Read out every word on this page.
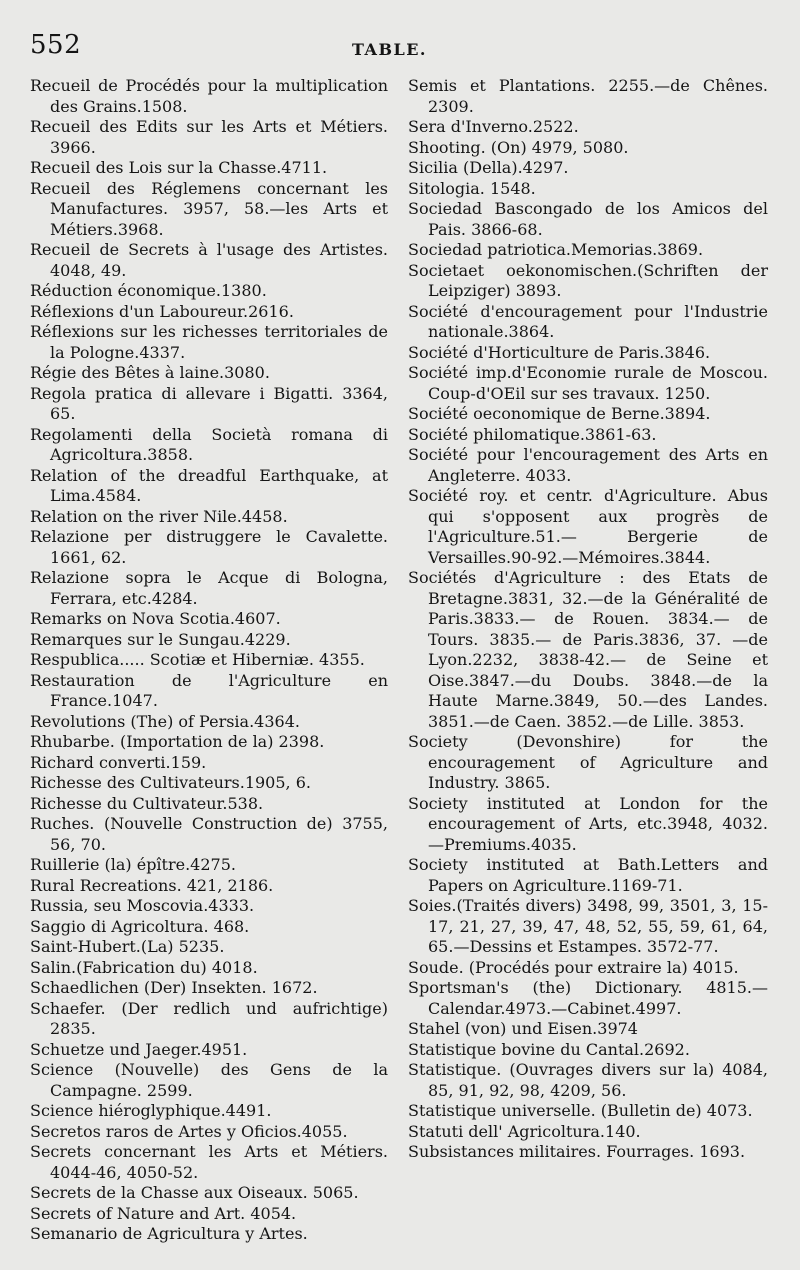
552	TABLE.

Recueil de Procédés pour la multiplication des Grains.1508.

Recueil des Edits sur les Arts et Métiers. 3966.

Recueil des Lois sur la Chasse.4711.

Recueil des Réglemens concernant les Manufactures. 3957, 58.—les Arts et Métiers.3968.

Recueil de Secrets à l'usage des Artistes. 4048, 49.

Réduction économique.1380.

Réflexions d'un Laboureur.2616.

Réflexions sur les richesses territoriales de la Pologne.4337.

Régie des Bêtes à laine.3080.

Regola pratica di allevare i Bigatti. 3364, 65.

Regolamenti della Società romana di Agricoltura.3858.

Relation of the dreadful Earthquake, at Lima.4584.

Relation on the river Nile.4458.

Relazione per distruggere le Cavalette. 1661, 62.

Relazione sopra le Acque di Bologna, Ferrara, etc.4284.

Remarks on Nova Scotia.4607.

Remarques sur le Sungau.4229.

Respublica..... Scotiæ et Hiberniæ. 4355.

Restauration de l'Agriculture en France.1047.

Revolutions (The) of Persia.4364.

Rhubarbe. (Importation de la) 2398.

Richard converti.159.

Richesse des Cultivateurs.1905, 6.

Richesse du Cultivateur.538.

Ruches. (Nouvelle Construction de) 3755, 56, 70.

Ruillerie (la) épître.4275.

Rural Recreations. 421, 2186.

Russia, seu Moscovia.4333.

Saggio di Agricoltura. 468.

Saint-Hubert.(La) 5235.

Salin.(Fabrication du) 4018.

Schaedlichen (Der) Insekten. 1672.

Schaefer. (Der redlich und aufrichtige) 2835.

Schuetze und Jaeger.4951.

Science (Nouvelle) des Gens de la Campagne. 2599.

Science hiéroglyphique.4491.

Secretos raros de Artes y Oficios.4055.

Secrets concernant les Arts et Métiers. 4044-46, 4050-52.

Secrets de la Chasse aux Oiseaux. 5065.

Secrets of Nature and Art. 4054.

Semanario de Agricultura y Artes.

Semis et Plantations. 2255.—de Chênes. 2309.

Sera d'Inverno.2522.

Shooting. (On) 4979, 5080.

Sicilia (Della).4297.

Sitologia. 1548.

Sociedad Bascongado de los Amicos del Pais. 3866-68.

Sociedad patriotica.Memorias.3869.

Societaet oekonomischen.(Schriften der Leipziger) 3893.

Société d'encouragement pour l'Industrie nationale.3864.

Société d'Horticulture de Paris.3846.

Société imp.d'Economie rurale de Moscou. Coup-d'OEil sur ses travaux. 1250.

Société oeconomique de Berne.3894.

Société philomatique.3861-63.

Société pour l'encouragement des Arts en Angleterre. 4033.

Société roy. et centr. d'Agriculture. Abus qui s'opposent aux progrès de l'Agriculture.51.— Bergerie de Versailles.90-92.—Mémoires.3844.

Sociétés d'Agriculture : des Etats de Bretagne.3831, 32.—de la Généralité de Paris.3833.— de Rouen. 3834.— de Tours. 3835.— de Paris.3836, 37. —de Lyon.2232, 3838-42.— de Seine et Oise.3847.—du Doubs. 3848.—de la Haute Marne.3849, 50.—des Landes. 3851.—de Caen. 3852.—de Lille. 3853.

Society (Devonshire) for the encouragement of Agriculture and Industry. 3865.

Society instituted at London for the encouragement of Arts, etc.3948, 4032. —Premiums.4035.

Society instituted at Bath.Letters and Papers on Agriculture.1169-71.

Soies.(Traités divers) 3498, 99, 3501, 3, 15-17, 21, 27, 39, 47, 48, 52, 55, 59, 61, 64, 65.—Dessins et Estampes. 3572-77.

Soude. (Procédés pour extraire la) 4015.

Sportsman's (the) Dictionary. 4815.— Calendar.4973.—Cabinet.4997.

Stahel (von) und Eisen.3974

Statistique bovine du Cantal.2692.

Statistique. (Ouvrages divers sur la) 4084, 85, 91, 92, 98, 4209, 56.

Statistique universelle. (Bulletin de) 4073.

Statuti dell' Agricoltura.140.

Subsistances militaires. Fourrages. 1693.
